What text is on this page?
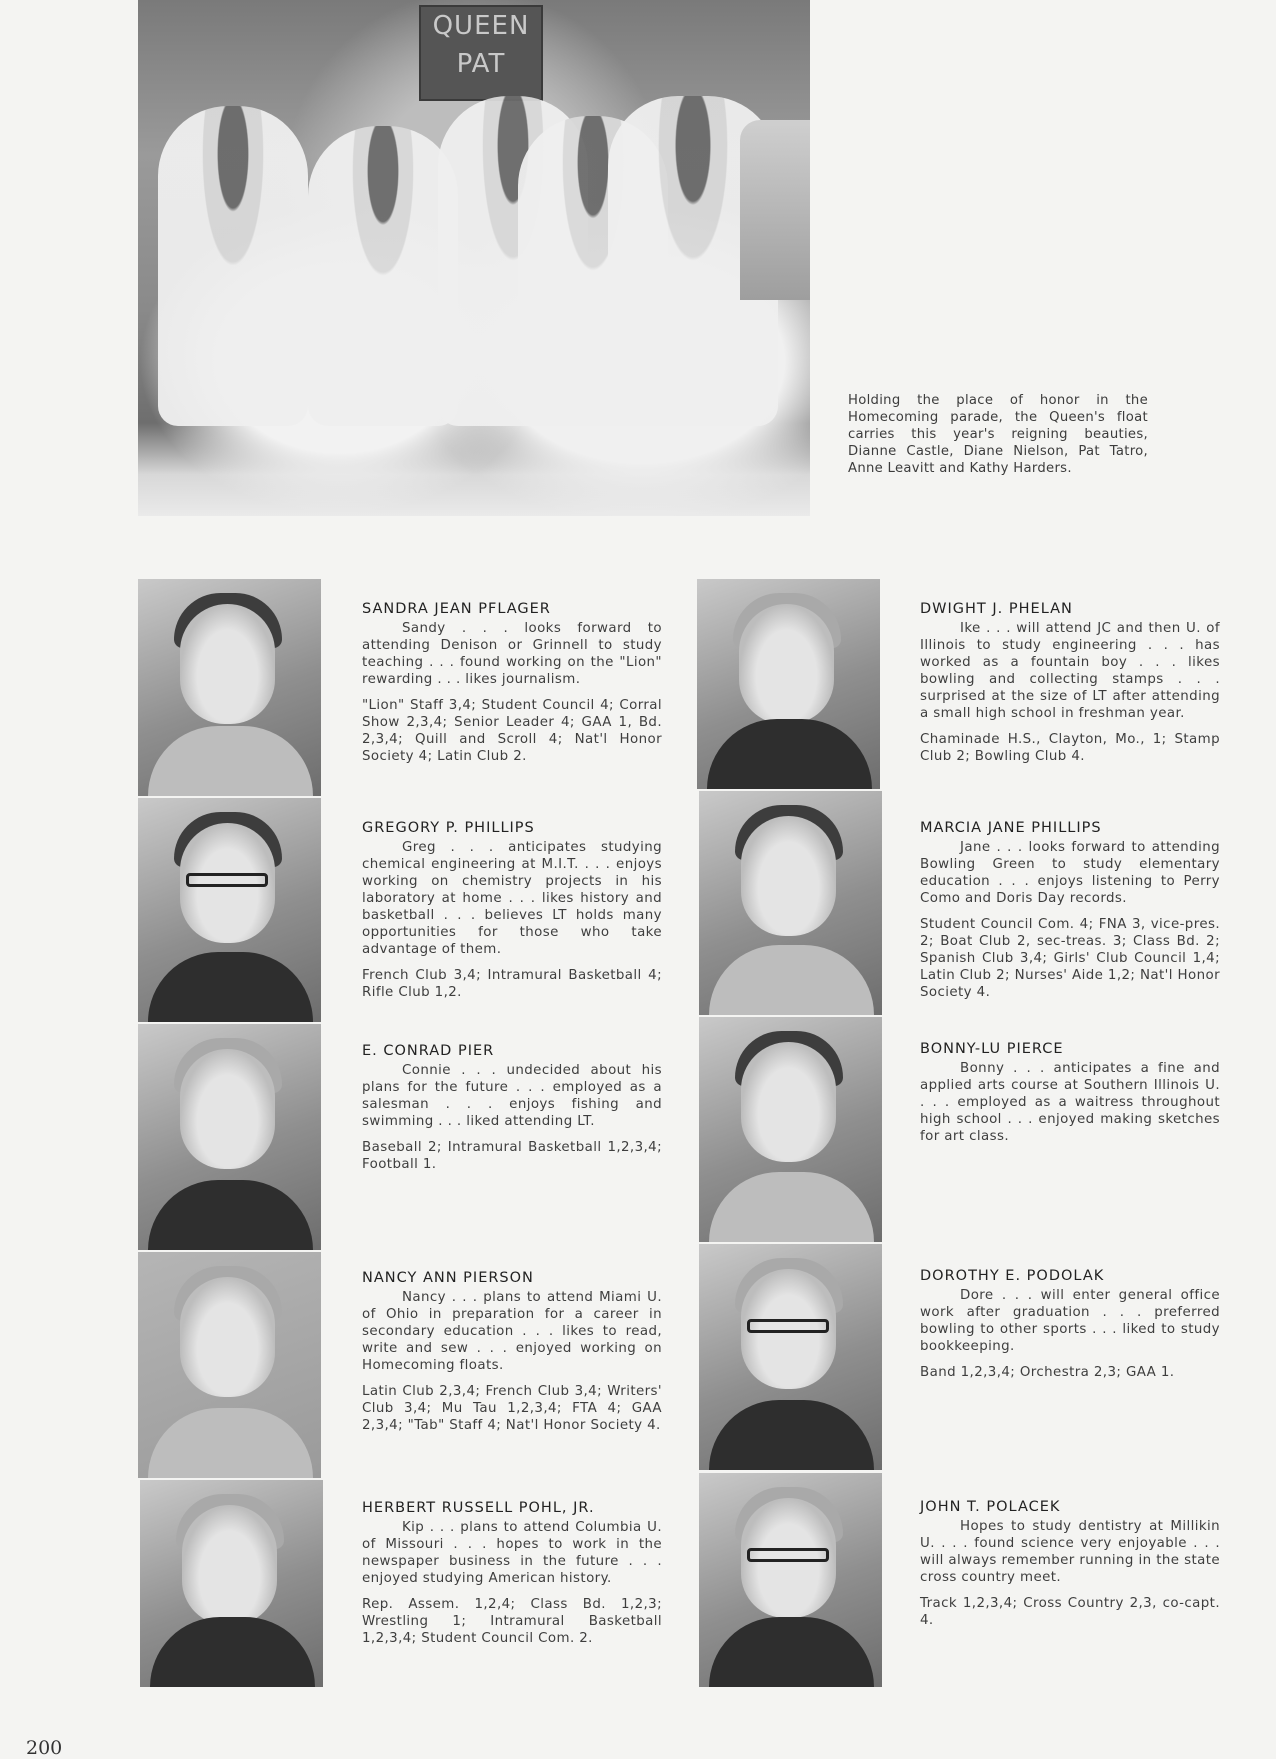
QUEEN
PAT
Holding the place of honor in the Homecoming parade, the Queen's float carries this year's reigning beauties, Dianne Castle, Diane Nielson, Pat Tatro, Anne Leavitt and Kathy Harders.
SANDRA JEAN PFLAGER

Sandy . . . looks forward to attending Denison or Grinnell to study teaching . . . found working on the "Lion" rewarding . . . likes journalism.

"Lion" Staff 3,4; Student Council 4; Corral Show 2,3,4; Senior Leader 4; GAA 1, Bd. 2,3,4; Quill and Scroll 4; Nat'l Honor Society 4; Latin Club 2.

GREGORY P. PHILLIPS

Greg . . . anticipates studying chemical engineering at M.I.T. . . . enjoys working on chemistry projects in his laboratory at home . . . likes history and basketball . . . believes LT holds many opportunities for those who take advantage of them.

French Club 3,4; Intramural Basketball 4; Rifle Club 1,2.

E. CONRAD PIER

Connie . . . undecided about his plans for the future . . . employed as a salesman . . . enjoys fishing and swimming . . . liked attending LT.

Baseball 2; Intramural Basketball 1,2,3,4; Football 1.

NANCY ANN PIERSON

Nancy . . . plans to attend Miami U. of Ohio in preparation for a career in secondary education . . . likes to read, write and sew . . . enjoyed working on Homecoming floats.

Latin Club 2,3,4; French Club 3,4; Writers' Club 3,4; Mu Tau 1,2,3,4; FTA 4; GAA 2,3,4; "Tab" Staff 4; Nat'l Honor Society 4.

HERBERT RUSSELL POHL, JR.

Kip . . . plans to attend Columbia U. of Missouri . . . hopes to work in the newspaper business in the future . . . enjoyed studying American history.

Rep. Assem. 1,2,4; Class Bd. 1,2,3; Wrestling 1; Intramural Basketball 1,2,3,4; Student Council Com. 2.

DWIGHT J. PHELAN

Ike . . . will attend JC and then U. of Illinois to study engineering . . . has worked as a fountain boy . . . likes bowling and collecting stamps . . . surprised at the size of LT after attending a small high school in freshman year.

Chaminade H.S., Clayton, Mo., 1; Stamp Club 2; Bowling Club 4.

MARCIA JANE PHILLIPS

Jane . . . looks forward to attending Bowling Green to study elementary education . . . enjoys listening to Perry Como and Doris Day records.

Student Council Com. 4; FNA 3, vice-pres. 2; Boat Club 2, sec-treas. 3; Class Bd. 2; Spanish Club 3,4; Girls' Club Council 1,4; Latin Club 2; Nurses' Aide 1,2; Nat'l Honor Society 4.

BONNY-LU PIERCE

Bonny . . . anticipates a fine and applied arts course at Southern Illinois U. . . . employed as a waitress throughout high school . . . enjoyed making sketches for art class.

DOROTHY E. PODOLAK

Dore . . . will enter general office work after graduation . . . preferred bowling to other sports . . . liked to study bookkeeping.

Band 1,2,3,4; Orchestra 2,3; GAA 1.

JOHN T. POLACEK

Hopes to study dentistry at Millikin U. . . . found science very enjoyable . . . will always remember running in the state cross country meet.

Track 1,2,3,4; Cross Country 2,3, co-capt. 4.

200
